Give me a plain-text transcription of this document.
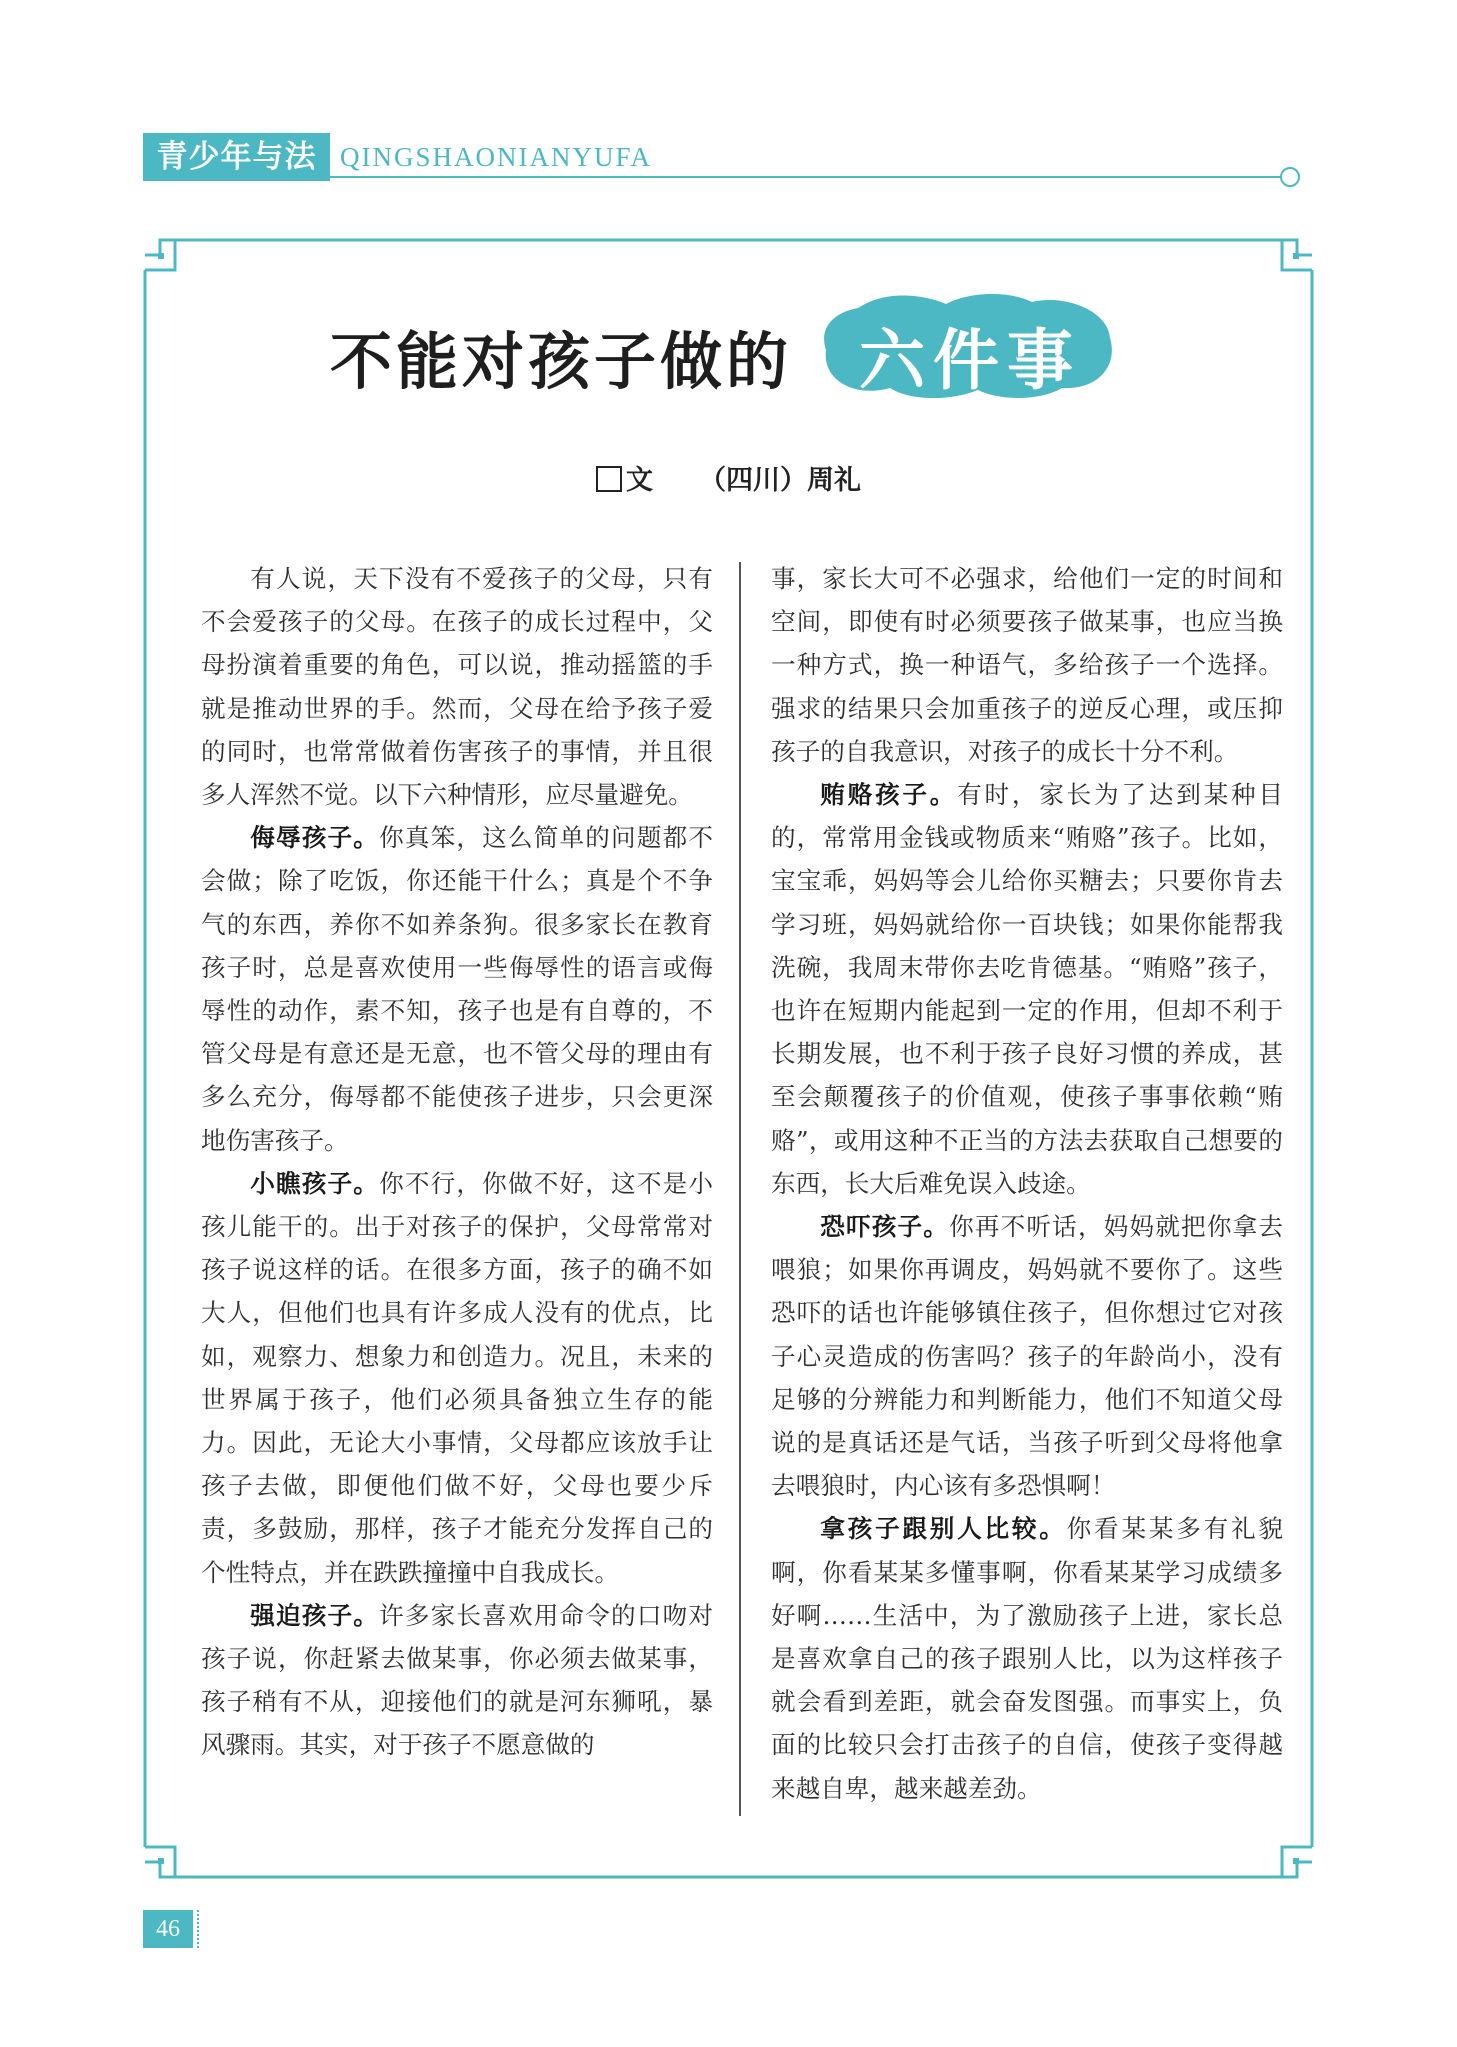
青少年与法 QINGSHAONIANYUFA
不能对孩子做的	六件事
文 （四川）周礼

有人说，天下没有不爱孩子的父母，只有不会爱孩子的父母。在孩子的成长过程中，父母扮演着重要的角色，可以说，推动摇篮的手就是推动世界的手。然而，父母在给予孩子爱的同时，也常常做着伤害孩子的事情，并且很多人浑然不觉。以下六种情形，应尽量避免。

侮辱孩子。你真笨，这么简单的问题都不会做；除了吃饭，你还能干什么；真是个不争气的东西，养你不如养条狗。很多家长在教育孩子时，总是喜欢使用一些侮辱性的语言或侮辱性的动作，素不知，孩子也是有自尊的，不管父母是有意还是无意，也不管父母的理由有多么充分，侮辱都不能使孩子进步，只会更深地伤害孩子。

小瞧孩子。你不行，你做不好，这不是小孩儿能干的。出于对孩子的保护，父母常常对孩子说这样的话。在很多方面，孩子的确不如大人，但他们也具有许多成人没有的优点，比如，观察力、想象力和创造力。况且，未来的世界属于孩子，他们必须具备独立生存的能力。因此，无论大小事情，父母都应该放手让孩子去做，即便他们做不好，父母也要少斥责，多鼓励，那样，孩子才能充分发挥自己的个性特点，并在跌跌撞撞中自我成长。

强迫孩子。许多家长喜欢用命令的口吻对孩子说，你赶紧去做某事，你必须去做某事，孩子稍有不从，迎接他们的就是河东狮吼，暴风骤雨。其实，对于孩子不愿意做的

事，家长大可不必强求，给他们一定的时间和空间，即使有时必须要孩子做某事，也应当换一种方式，换一种语气，多给孩子一个选择。强求的结果只会加重孩子的逆反心理，或压抑孩子的自我意识，对孩子的成长十分不利。

贿赂孩子。有时，家长为了达到某种目的，常常用金钱或物质来“贿赂”孩子。比如，宝宝乖，妈妈等会儿给你买糖去；只要你肯去学习班，妈妈就给你一百块钱；如果你能帮我洗碗，我周末带你去吃肯德基。“贿赂”孩子，也许在短期内能起到一定的作用，但却不利于长期发展，也不利于孩子良好习惯的养成，甚至会颠覆孩子的价值观，使孩子事事依赖“贿赂”，或用这种不正当的方法去获取自己想要的东西，长大后难免误入歧途。

恐吓孩子。你再不听话，妈妈就把你拿去喂狼；如果你再调皮，妈妈就不要你了。这些恐吓的话也许能够镇住孩子，但你想过它对孩子心灵造成的伤害吗？孩子的年龄尚小，没有足够的分辨能力和判断能力，他们不知道父母说的是真话还是气话，当孩子听到父母将他拿去喂狼时，内心该有多恐惧啊！

拿孩子跟别人比较。你看某某多有礼貌啊，你看某某多懂事啊，你看某某学习成绩多好啊……生活中，为了激励孩子上进，家长总是喜欢拿自己的孩子跟别人比，以为这样孩子就会看到差距，就会奋发图强。而事实上，负面的比较只会打击孩子的自信，使孩子变得越来越自卑，越来越差劲。

46
